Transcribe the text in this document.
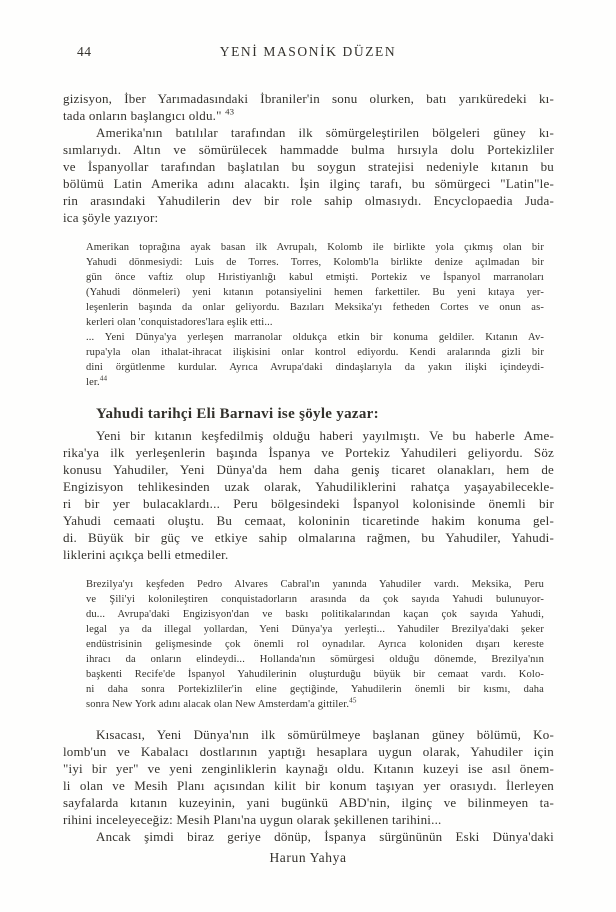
44	YENİ MASONİK DÜZEN
gizisyon, İber Yarımadasındaki İbraniler'in sonu olurken, batı yarıküredeki kı-
tada onların başlangıcı oldu." $^{43}$
Amerika'nın batılılar tarafından ilk sömürgeleştirilen bölgeleri güney kı-
sımlarıydı. Altın ve sömürülecek hammadde bulma hırsıyla dolu Portekizliler
ve İspanyollar tarafından başlatılan bu soygun stratejisi nedeniyle kıtanın bu
bölümü Latin Amerika adını alacaktı. İşin ilginç tarafı, bu sömürgeci "Latin"le-
rin arasındaki Yahudilerin dev bir role sahip olmasıydı. Encyclopaedia Juda-
ica şöyle yazıyor:
Amerikan toprağına ayak basan ilk Avrupalı, Kolomb ile birlikte yola çıkmış olan bir
Yahudi dönmesiydi: Luis de Torres. Torres, Kolomb'la birlikte denize açılmadan bir
gün önce vaftiz olup Hıristiyanlığı kabul etmişti. Portekiz ve İspanyol marranoları
(Yahudi dönmeleri) yeni kıtanın potansiyelini hemen farkettiler. Bu yeni kıtaya yer-
leşenlerin başında da onlar geliyordu. Bazıları Meksika'yı fetheden Cortes ve onun as-
kerleri olan 'conquistadores'lara eşlik etti...
... Yeni Dünya'ya yerleşen marranolar oldukça etkin bir konuma geldiler. Kıtanın Av-
rupa'yla olan ithalat-ihracat ilişkisini onlar kontrol ediyordu. Kendi aralarında gizli bir
dini örgütlenme kurdular. Ayrıca Avrupa'daki dindaşlarıyla da yakın ilişki içindeydi-
ler.$^{44}$
Yahudi tarihçi Eli Barnavi ise şöyle yazar:
Yeni bir kıtanın keşfedilmiş olduğu haberi yayılmıştı. Ve bu haberle Ame-
rika'ya ilk yerleşenlerin başında İspanya ve Portekiz Yahudileri geliyordu. Söz
konusu Yahudiler, Yeni Dünya'da hem daha geniş ticaret olanakları, hem de
Engizisyon tehlikesinden uzak olarak, Yahudiliklerini rahatça yaşayabilecekle-
ri bir yer bulacaklardı... Peru bölgesindeki İspanyol kolonisinde önemli bir
Yahudi cemaati oluştu. Bu cemaat, koloninin ticaretinde hakim konuma gel-
di. Büyük bir güç ve etkiye sahip olmalarına rağmen, bu Yahudiler, Yahudi-
liklerini açıkça belli etmediler.
Brezilya'yı keşfeden Pedro Alvares Cabral'ın yanında Yahudiler vardı. Meksika, Peru
ve Şili'yi kolonileştiren conquistadorların arasında da çok sayıda Yahudi bulunuyor-
du... Avrupa'daki Engizisyon'dan ve baskı politikalarından kaçan çok sayıda Yahudi,
legal ya da illegal yollardan, Yeni Dünya'ya yerleşti... Yahudiler Brezilya'daki şeker
endüstrisinin gelişmesinde çok önemli rol oynadılar. Ayrıca koloniden dışarı kereste
ihracı da onların elindeydi... Hollanda'nın sömürgesi olduğu dönemde, Brezilya'nın
başkenti Recife'de İspanyol Yahudilerinin oluşturduğu büyük bir cemaat vardı. Kolo-
ni daha sonra Portekizliler'in eline geçtiğinde, Yahudilerin önemli bir kısmı, daha
sonra New York adını alacak olan New Amsterdam'a gittiler.$^{45}$
Kısacası, Yeni Dünya'nın ilk sömürülmeye başlanan güney bölümü, Ko-
lomb'un ve Kabalacı dostlarının yaptığı hesaplara uygun olarak, Yahudiler için
"iyi bir yer" ve yeni zenginliklerin kaynağı oldu. Kıtanın kuzeyi ise asıl önem-
li olan ve Mesih Planı açısından kilit bir konum taşıyan yer orasıydı. İlerleyen
sayfalarda kıtanın kuzeyinin, yani bugünkü ABD'nin, ilginç ve bilinmeyen ta-
rihini inceleyeceğiz: Mesih Planı'na uygun olarak şekillenen tarihini...
Ancak şimdi biraz geriye dönüp, İspanya sürgününün Eski Dünya'daki
Harun Yahya
